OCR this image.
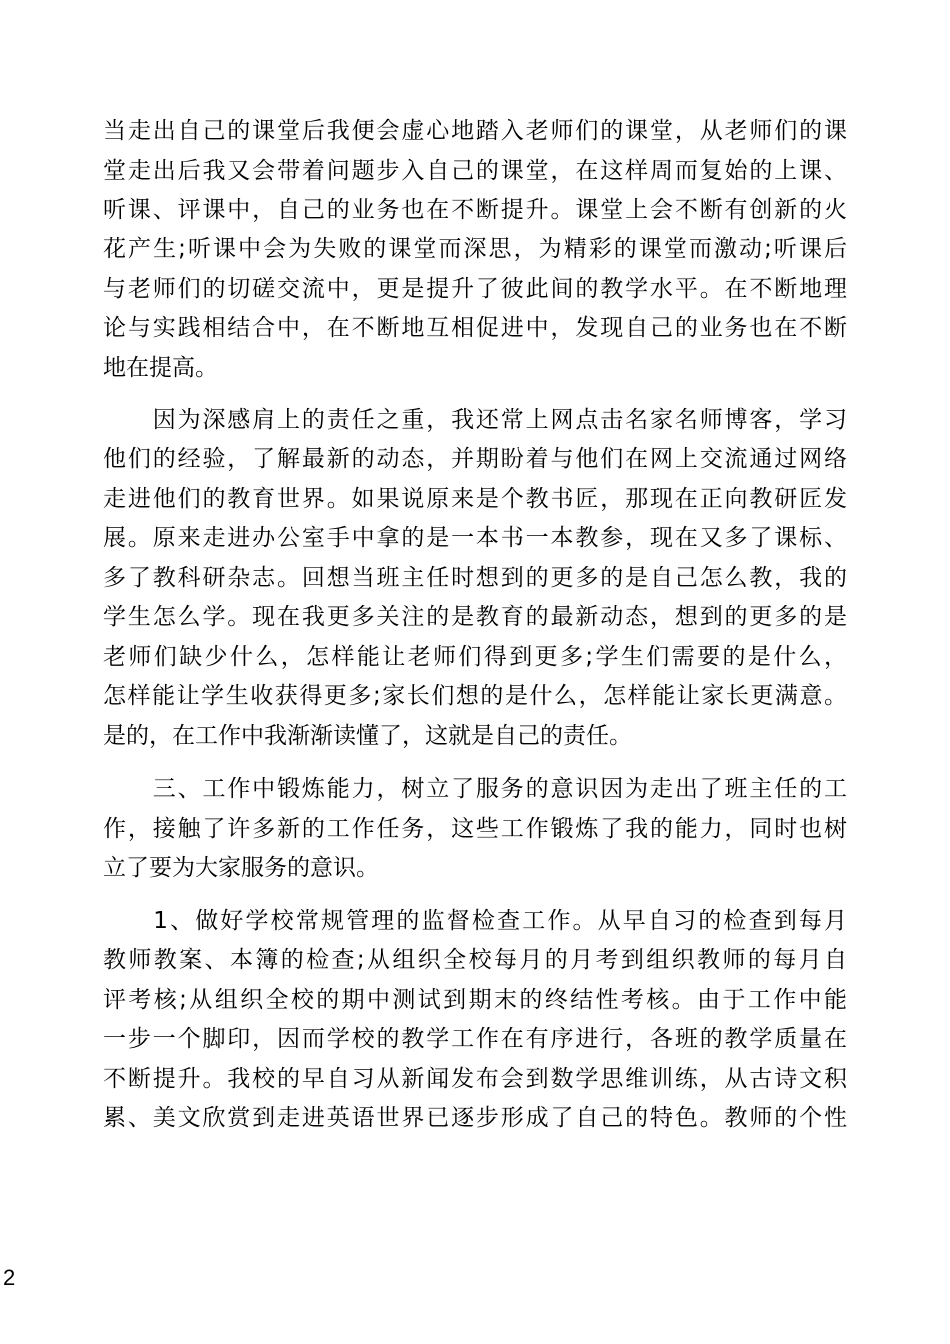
当走出自己的课堂后我便会虚心地踏入老师们的课堂，从老师们的课
堂走出后我又会带着问题步入自己的课堂，在这样周而复始的上课、
听课、评课中，自己的业务也在不断提升。课堂上会不断有创新的火
花产生;听课中会为失败的课堂而深思，为精彩的课堂而激动;听课后
与老师们的切磋交流中，更是提升了彼此间的教学水平。在不断地理
论与实践相结合中，在不断地互相促进中，发现自己的业务也在不断
地在提高。
　　因为深感肩上的责任之重，我还常上网点击名家名师博客，学习
他们的经验，了解最新的动态，并期盼着与他们在网上交流通过网络
走进他们的教育世界。如果说原来是个教书匠，那现在正向教研匠发
展。原来走进办公室手中拿的是一本书一本教参，现在又多了课标、
多了教科研杂志。回想当班主任时想到的更多的是自己怎么教，我的
学生怎么学。现在我更多关注的是教育的最新动态，想到的更多的是
老师们缺少什么，怎样能让老师们得到更多;学生们需要的是什么，
怎样能让学生收获得更多;家长们想的是什么，怎样能让家长更满意。
是的，在工作中我渐渐读懂了，这就是自己的责任。
　　三、工作中锻炼能力，树立了服务的意识因为走出了班主任的工
作，接触了许多新的工作任务，这些工作锻炼了我的能力，同时也树
立了要为大家服务的意识。
　　1、做好学校常规管理的监督检查工作。从早自习的检查到每月
教师教案、本簿的检查;从组织全校每月的月考到组织教师的每月自
评考核;从组织全校的期中测试到期末的终结性考核。由于工作中能
一步一个脚印，因而学校的教学工作在有序进行，各班的教学质量在
不断提升。我校的早自习从新闻发布会到数学思维训练，从古诗文积
累、美文欣赏到走进英语世界已逐步形成了自己的特色。教师的个性
2
